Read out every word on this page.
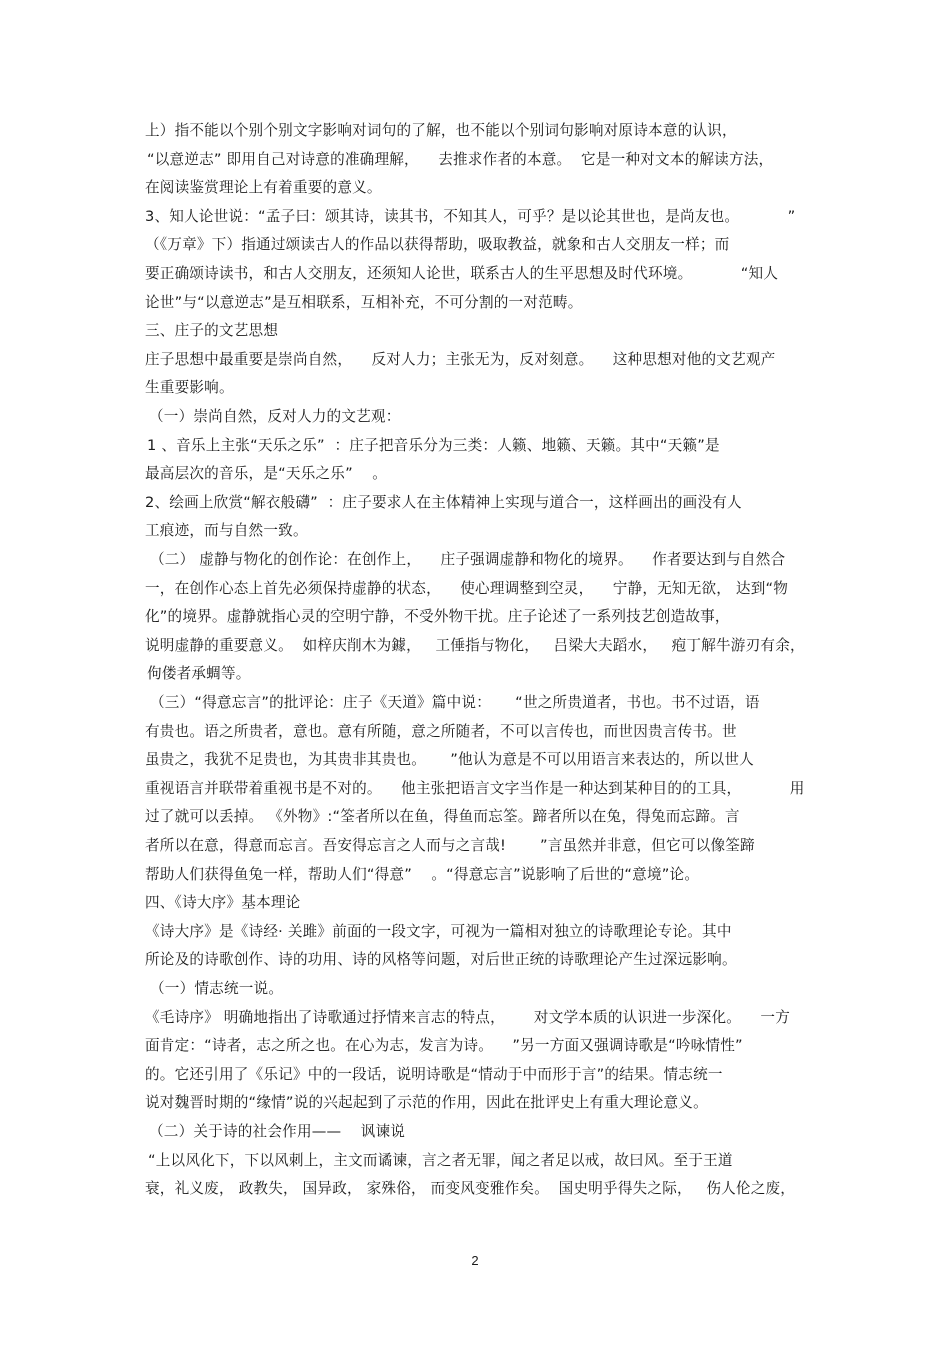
上）指不能以个别个别文字影响对词句的了解，也不能以个别词句影响对原诗本意的认识，
“以意逆志” 即用自己对诗意的准确理解，    去推求作者的本意。  它是一种对文本的解读方法，
在阅读鉴赏理论上有着重要的意义。
3、知人论世说：“孟子曰：颂其诗，读其书，不知其人，可乎？是以论其世也，是尚友也。          ”
（《万章》下）指通过颂读古人的作品以获得帮助，吸取教益，就象和古人交朋友一样；而
要正确颂诗读书，和古人交朋友，还须知人论世，联系古人的生平思想及时代环境。          “知人
论世”与“以意逆志”是互相联系，互相补充，不可分割的一对范畴。
三、庄子的文艺思想
庄子思想中最重要是崇尚自然，    反对人力；主张无为，反对刻意。    这种思想对他的文艺观产
生重要影响。
（一）崇尚自然，反对人力的文艺观：
1 、音乐上主张“天乐之乐”  ：庄子把音乐分为三类：人籁、地籁、天籁。其中“天籁”是
最高层次的音乐，是“天乐之乐”    。
2、绘画上欣赏“解衣般礴”  ：庄子要求人在主体精神上实现与道合一，这样画出的画没有人
工痕迹，而与自然一致。
（二） 虚静与物化的创作论：在创作上，    庄子强调虚静和物化的境界。    作者要达到与自然合
一，在创作心态上首先必须保持虚静的状态，    使心理调整到空灵，    宁静，无知无欲， 达到“物
化”的境界。虚静就指心灵的空明宁静，不受外物干扰。庄子论述了一系列技艺创造故事，
说明虚静的重要意义。  如梓庆削木为鐻，   工倕指与物化，   吕梁大夫蹈水，   疱丁解牛游刃有余，
佝偻者承蜩等。
（三）“得意忘言”的批评论：庄子《天道》篇中说：     “世之所贵道者，书也。书不过语，语
有贵也。语之所贵者，意也。意有所随，意之所随者，不可以言传也，而世因贵言传书。世
虽贵之，我犹不足贵也，为其贵非其贵也。     ”他认为意是不可以用语言来表达的，所以世人
重视语言并联带着重视书是不对的。    他主张把语言文字当作是一种达到某种目的的工具，          用
过了就可以丢掉。 《外物》:“筌者所以在鱼，得鱼而忘筌。蹄者所以在兔，得兔而忘蹄。言
者所以在意，得意而忘言。吾安得忘言之人而与之言哉!       ”言虽然并非意，但它可以像筌蹄
帮助人们获得鱼兔一样，帮助人们“得意”    。“得意忘言”说影响了后世的“意境”论。
四、《诗大序》基本理论
《诗大序》是《诗经· 关雎》前面的一段文字，可视为一篇相对独立的诗歌理论专论。其中
所论及的诗歌创作、诗的功用、诗的风格等问题，对后世正统的诗歌理论产生过深远影响。
（一）情志统一说。
《毛诗序》 明确地指出了诗歌通过抒情来言志的特点，      对文学本质的认识进一步深化。    一方
面肯定：“诗者，志之所之也。在心为志，发言为诗。    ”另一方面又强调诗歌是“吟咏情性”
的。它还引用了《乐记》中的一段话，说明诗歌是“情动于中而形于言”的结果。情志统一
说对魏晋时期的“缘情”说的兴起起到了示范的作用，因此在批评史上有重大理论意义。
（二）关于诗的社会作用——    讽谏说
“上以风化下，下以风刺上，主文而谲谏，言之者无罪，闻之者足以戒，故曰风。至于王道
衰，礼义废， 政教失， 国异政， 家殊俗， 而变风变雅作矣。  国史明乎得失之际，   伤人伦之废，
2
